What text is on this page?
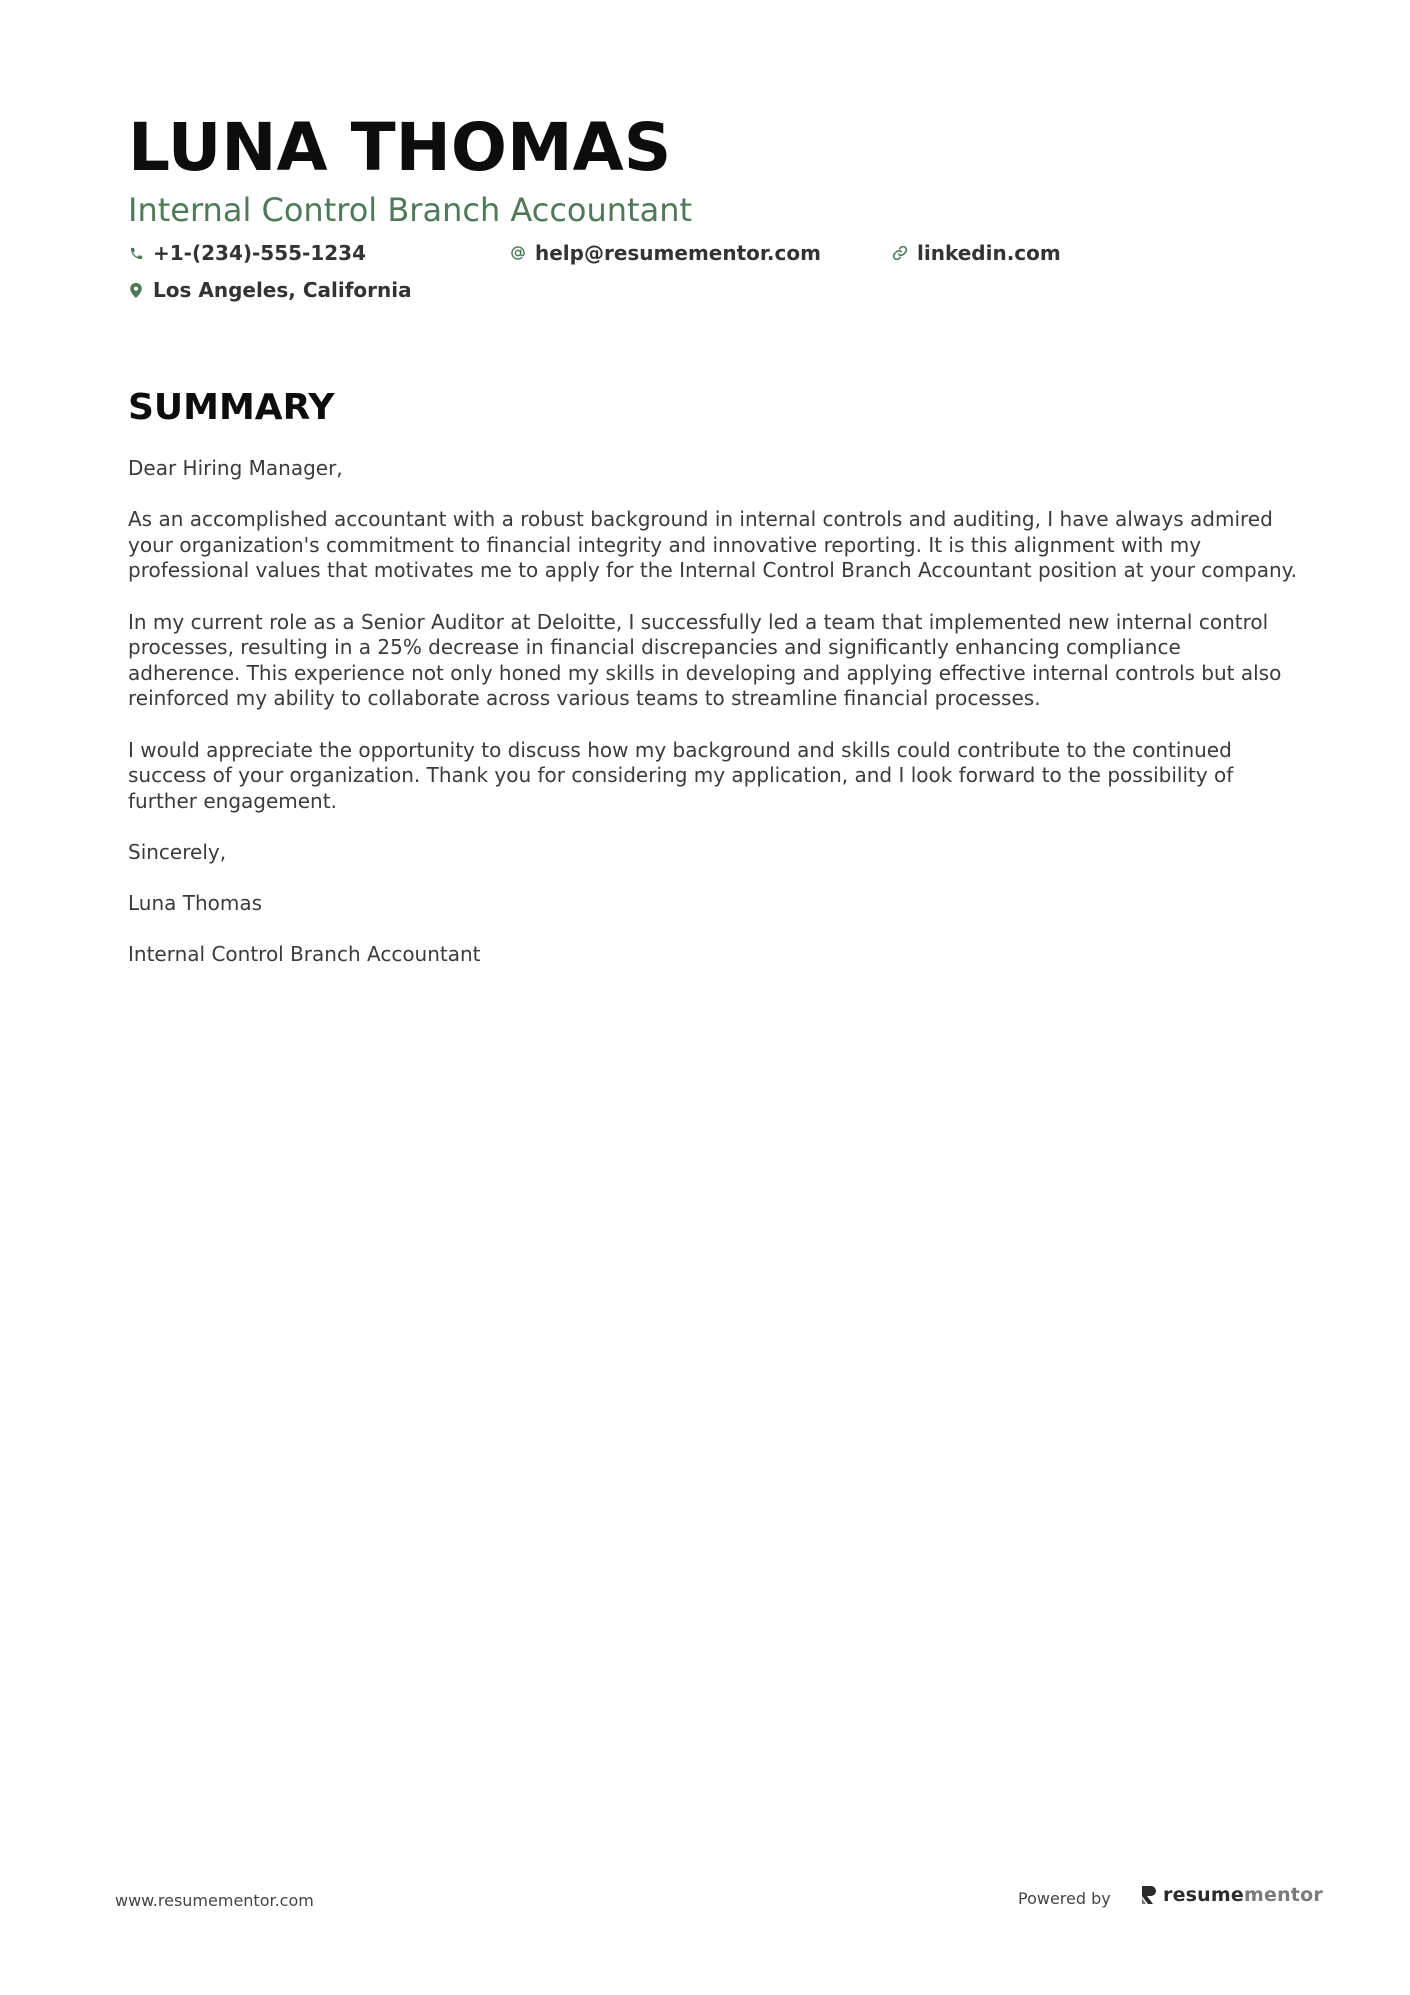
LUNA THOMAS
Internal Control Branch Accountant
+1-(234)-555-1234	help@resumementor.com	linkedin.com
Los Angeles, California
SUMMARY

Dear Hiring Manager,

As an accomplished accountant with a robust background in internal controls and auditing, I have always admired your organization's commitment to financial integrity and innovative reporting. It is this alignment with my professional values that motivates me to apply for the Internal Control Branch Accountant position at your company.

In my current role as a Senior Auditor at Deloitte, I successfully led a team that implemented new internal control processes, resulting in a 25% decrease in financial discrepancies and significantly enhancing compliance adherence. This experience not only honed my skills in developing and applying effective internal controls but also reinforced my ability to collaborate across various teams to streamline financial processes.

I would appreciate the opportunity to discuss how my background and skills could contribute to the continued success of your organization. Thank you for considering my application, and I look forward to the possibility of further engagement.

Sincerely,

Luna Thomas

Internal Control Branch Accountant

www.resumementor.com	Powered by	resume mentor
